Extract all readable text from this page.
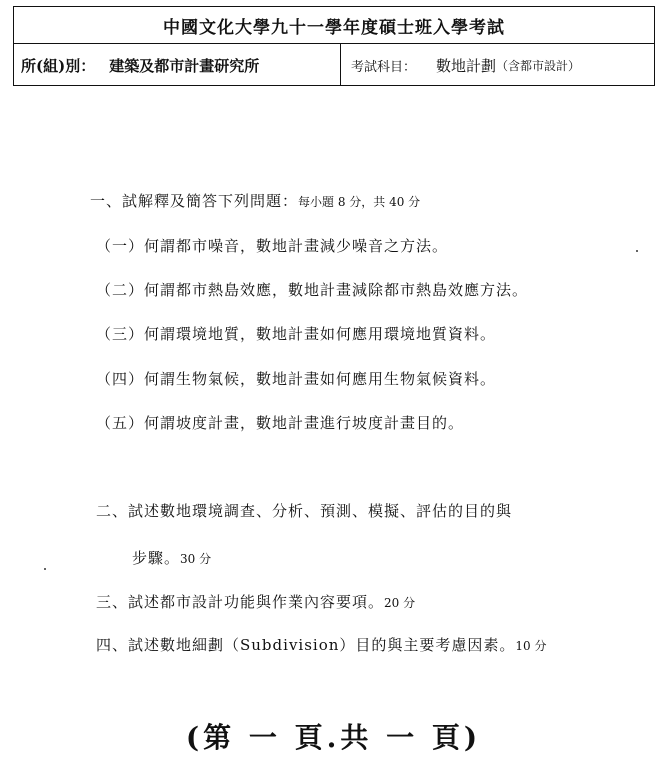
中國文化大學九十一學年度碩士班入學考試
所(組)別： 建築及都市計畫研究所	考試科目： 數地計劃 （含都市設計）
一、試解釋及簡答下列問題：每小題 8 分，共 40 分
（一）何謂都市噪音，數地計畫減少噪音之方法。
（二）何謂都市熱島效應，數地計畫減除都市熱島效應方法。
（三）何謂環境地質，數地計畫如何應用環境地質資料。
（四）何謂生物氣候，數地計畫如何應用生物氣候資料。
（五）何謂坡度計畫，數地計畫進行坡度計畫目的。
二、試述數地環境調查、分析、預測、模擬、評估的目的與
步驟。30 分
三、試述都市設計功能與作業內容要項。20 分
四、試述數地細劃（Subdivision）目的與主要考慮因素。10 分
(第 一 頁.共 一 頁)
